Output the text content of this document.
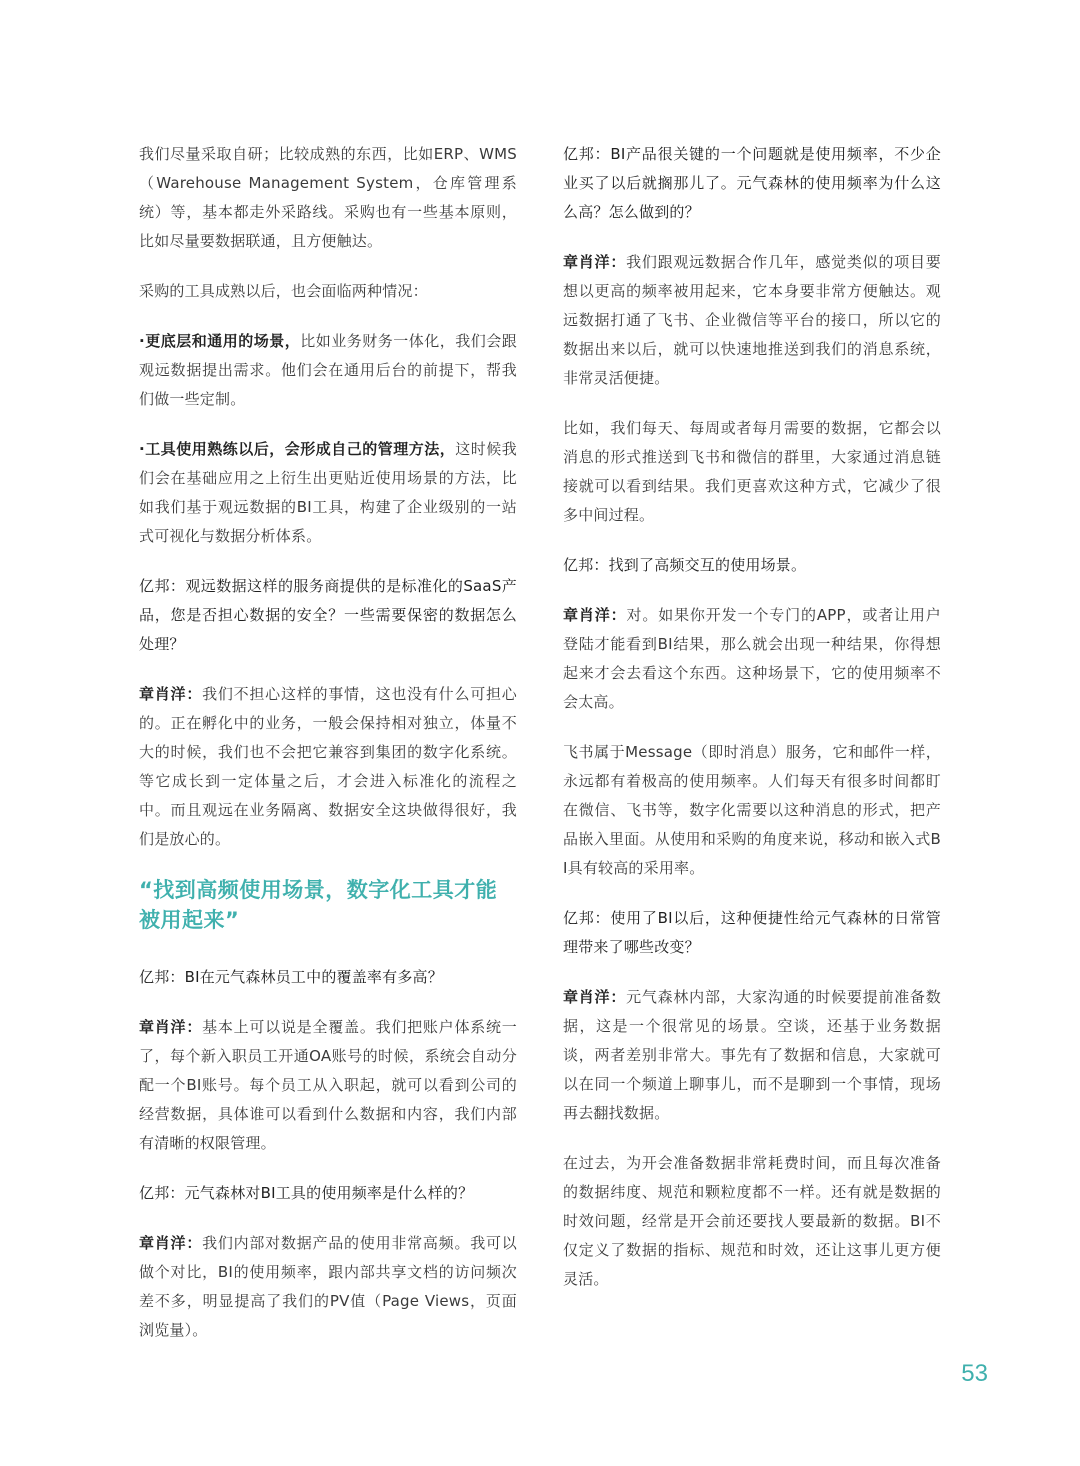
我们尽量采取自研；比较成熟的东西，比如ERP、WMS（Warehouse Management System，仓库管理系统）等，基本都走外采路线。采购也有一些基本原则，比如尽量要数据联通，且方便触达。

采购的工具成熟以后，也会面临两种情况：

·更底层和通用的场景，比如业务财务一体化，我们会跟观远数据提出需求。他们会在通用后台的前提下，帮我们做一些定制。

·工具使用熟练以后，会形成自己的管理方法，这时候我们会在基础应用之上衍生出更贴近使用场景的方法，比如我们基于观远数据的BI工具，构建了企业级别的一站式可视化与数据分析体系。

亿邦：观远数据这样的服务商提供的是标准化的SaaS产品，您是否担心数据的安全？一些需要保密的数据怎么处理？

章肖洋：我们不担心这样的事情，这也没有什么可担心的。正在孵化中的业务，一般会保持相对独立，体量不大的时候，我们也不会把它兼容到集团的数字化系统。等它成长到一定体量之后，才会进入标准化的流程之中。而且观远在业务隔离、数据安全这块做得很好，我们是放心的。

“找到高频使用场景，数字化工具才能被用起来”

亿邦：BI在元气森林员工中的覆盖率有多高？

章肖洋：基本上可以说是全覆盖。我们把账户体系统一了，每个新入职员工开通OA账号的时候，系统会自动分配一个BI账号。每个员工从入职起，就可以看到公司的经营数据，具体谁可以看到什么数据和内容，我们内部有清晰的权限管理。

亿邦：元气森林对BI工具的使用频率是什么样的？

章肖洋：我们内部对数据产品的使用非常高频。我可以做个对比，BI的使用频率，跟内部共享文档的访问频次差不多，明显提高了我们的PV值（Page Views，页面浏览量）。

亿邦：BI产品很关键的一个问题就是使用频率，不少企业买了以后就搁那儿了。元气森林的使用频率为什么这么高？怎么做到的？

章肖洋：我们跟观远数据合作几年，感觉类似的项目要想以更高的频率被用起来，它本身要非常方便触达。观远数据打通了飞书、企业微信等平台的接口，所以它的数据出来以后，就可以快速地推送到我们的消息系统，非常灵活便捷。

比如，我们每天、每周或者每月需要的数据，它都会以消息的形式推送到飞书和微信的群里，大家通过消息链接就可以看到结果。我们更喜欢这种方式，它减少了很多中间过程。

亿邦：找到了高频交互的使用场景。

章肖洋：对。如果你开发一个专门的APP，或者让用户登陆才能看到BI结果，那么就会出现一种结果，你得想起来才会去看这个东西。这种场景下，它的使用频率不会太高。

飞书属于Message（即时消息）服务，它和邮件一样，永远都有着极高的使用频率。人们每天有很多时间都盯在微信、飞书等，数字化需要以这种消息的形式，把产品嵌入里面。从使用和采购的角度来说，移动和嵌入式BI具有较高的采用率。

亿邦：使用了BI以后，这种便捷性给元气森林的日常管理带来了哪些改变？

章肖洋：元气森林内部，大家沟通的时候要提前准备数据，这是一个很常见的场景。空谈，还基于业务数据谈，两者差别非常大。事先有了数据和信息，大家就可以在同一个频道上聊事儿，而不是聊到一个事情，现场再去翻找数据。

在过去，为开会准备数据非常耗费时间，而且每次准备的数据纬度、规范和颗粒度都不一样。还有就是数据的时效问题，经常是开会前还要找人要最新的数据。BI不仅定义了数据的指标、规范和时效，还让这事儿更方便灵活。

53
